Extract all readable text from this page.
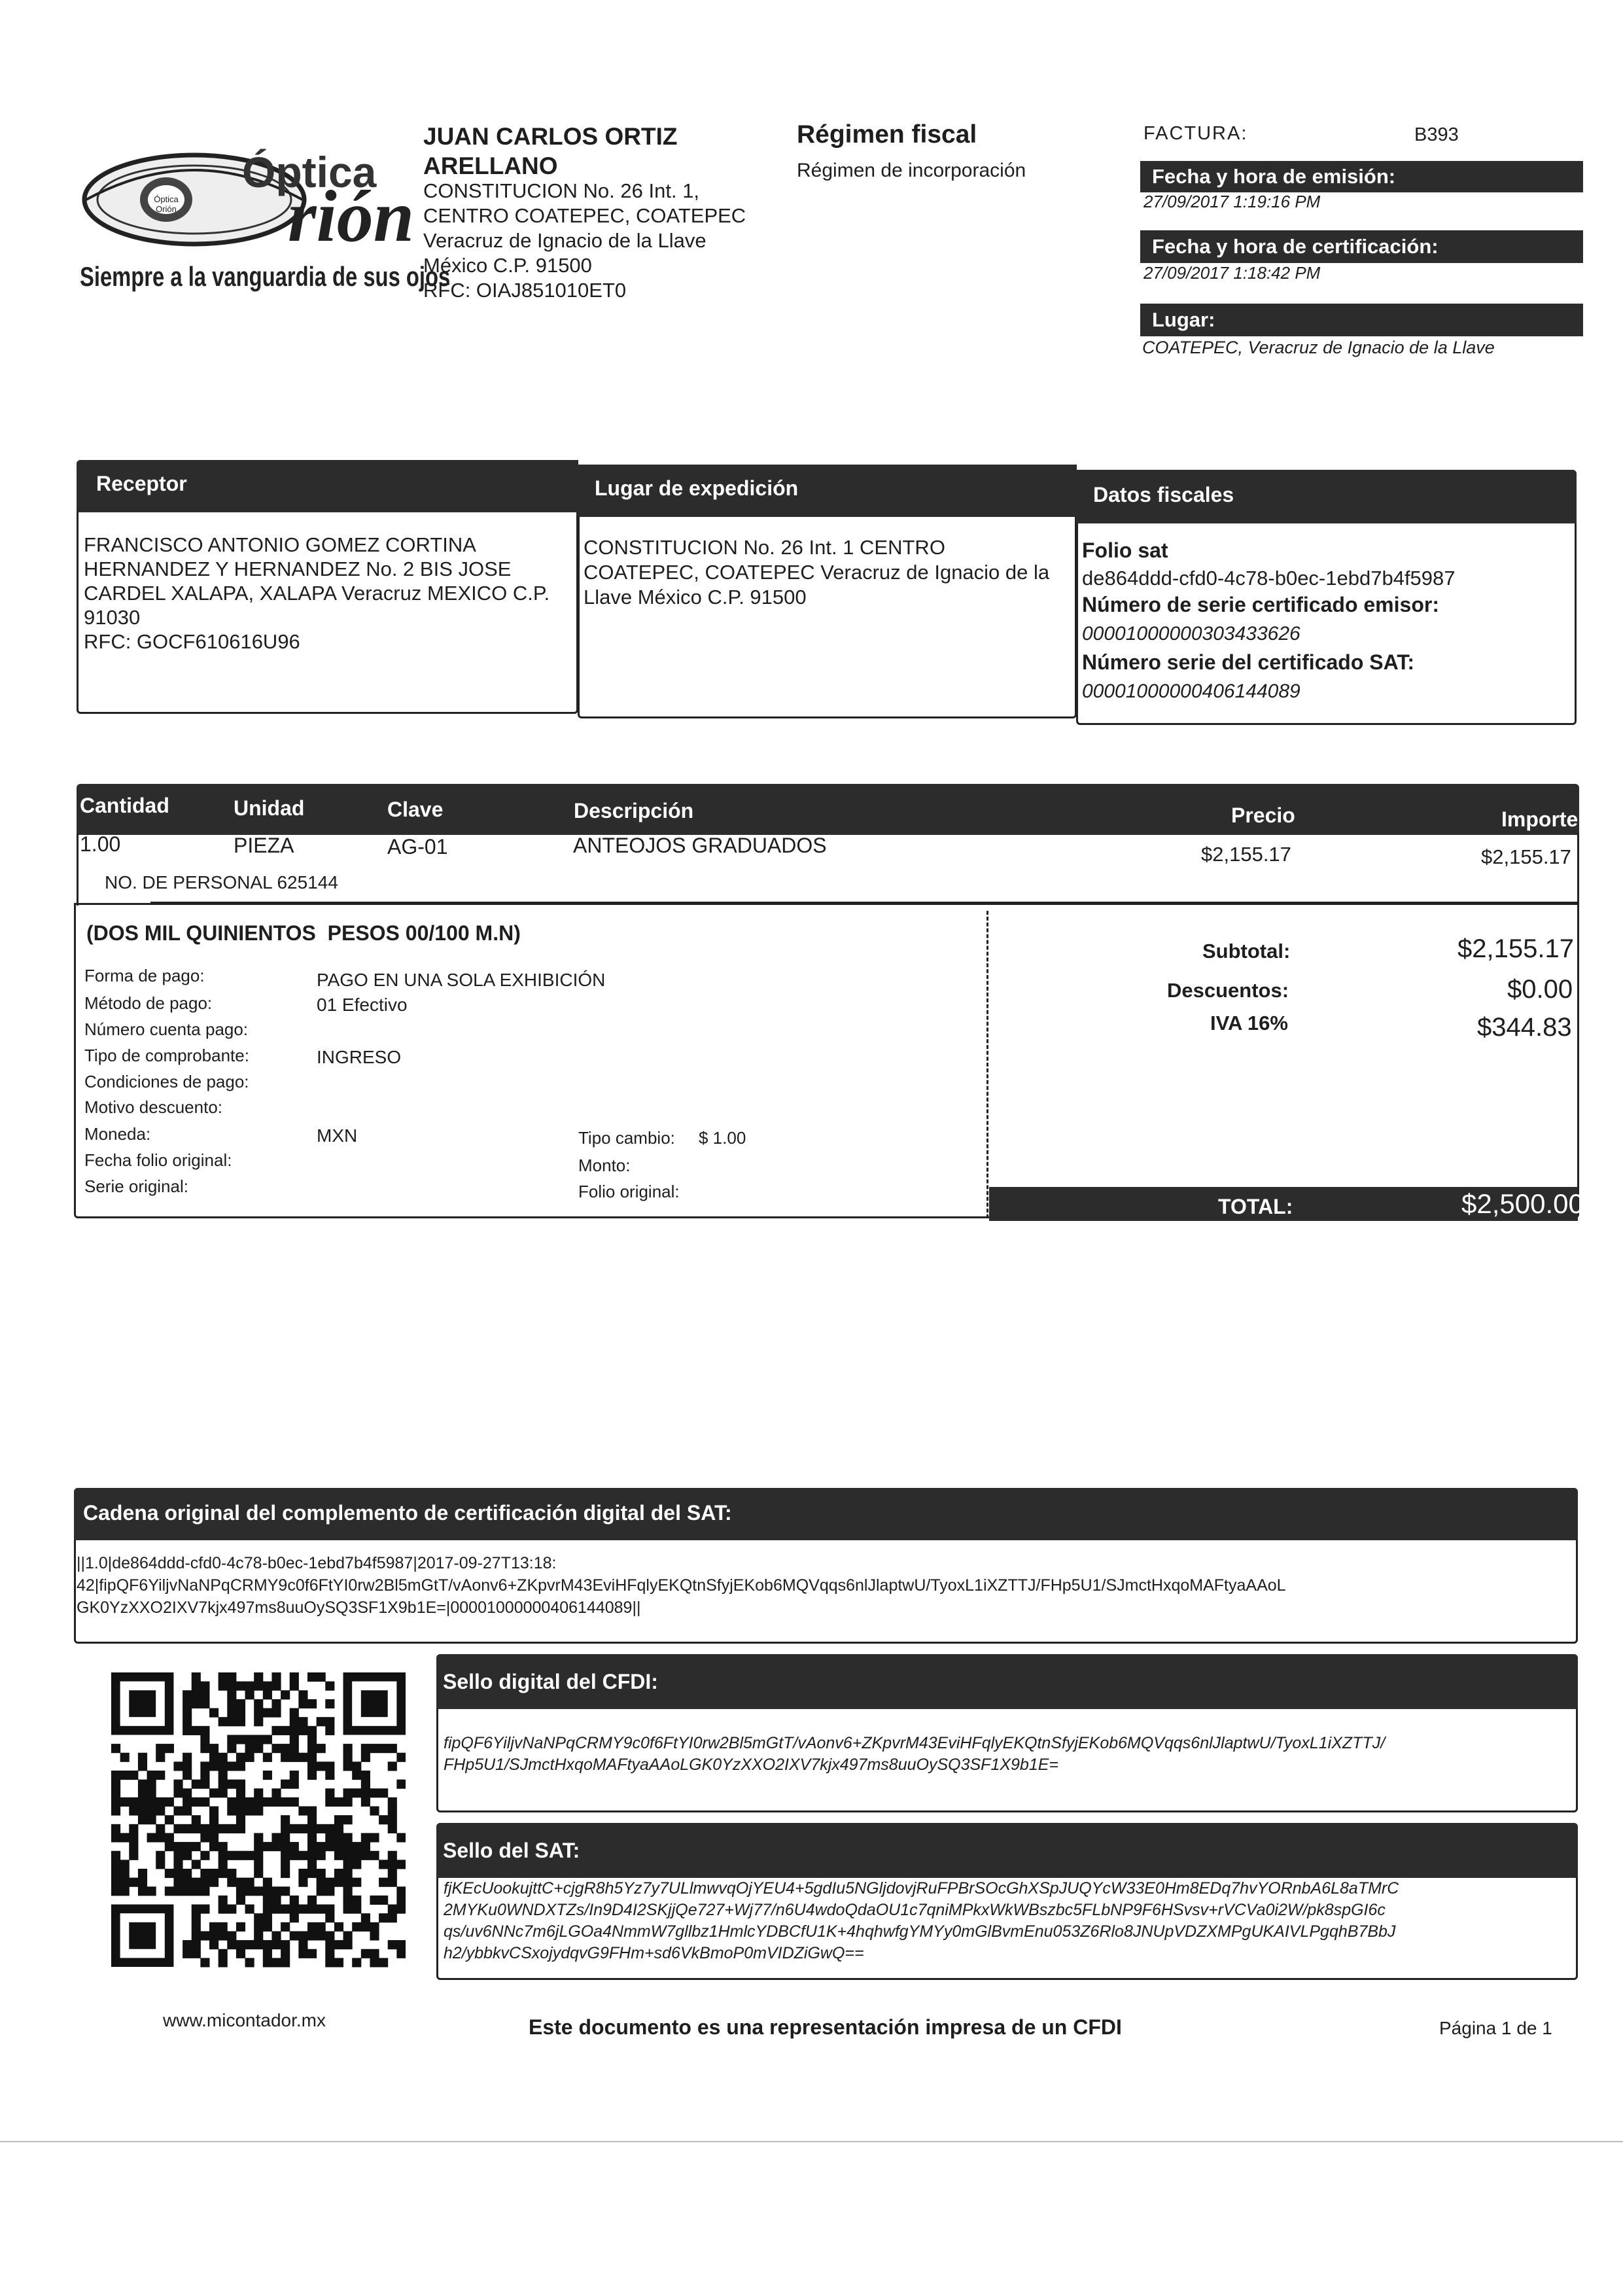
Óptica
rión
Óptica Orión
Siempre a la vanguardia de sus ojos
JUAN CARLOS ORTIZ
ARELLANO
CONSTITUCION No. 26 Int. 1,
CENTRO COATEPEC, COATEPEC
Veracruz de Ignacio de la Llave
México C.P. 91500
RFC: OIAJ851010ET0
Régimen fiscal
Régimen de incorporación
FACTURA:	B393
Fecha y hora de emisión:
27/09/2017 1:19:16 PM
Fecha y hora de certificación:
27/09/2017 1:18:42 PM
Lugar:
COATEPEC, Veracruz de Ignacio de la Llave
Receptor
FRANCISCO ANTONIO GOMEZ CORTINA
HERNANDEZ Y HERNANDEZ No. 2 BIS JOSE
CARDEL XALAPA, XALAPA Veracruz MEXICO C.P.
91030
RFC: GOCF610616U96
Lugar de expedición
CONSTITUCION No. 26 Int. 1 CENTRO
COATEPEC, COATEPEC Veracruz de Ignacio de la
Llave México C.P. 91500
Datos fiscales
Folio sat
de864ddd-cfd0-4c78-b0ec-1ebd7b4f5987
Número de serie certificado emisor:
00001000000303433626
Número serie del certificado SAT:
00001000000406144089
Cantidad	Unidad	Clave	Descripción	Precio	Importe
1.00	PIEZA	AG-01	ANTEOJOS GRADUADOS	$2,155.17	$2,155.17
NO. DE PERSONAL 625144
(DOS MIL QUINIENTOS  PESOS 00/100 M.N)
Forma de pago:	PAGO EN UNA SOLA EXHIBICIÓN
Método de pago:	01 Efectivo
Número cuenta pago:
Tipo de comprobante:	INGRESO
Condiciones de pago:
Motivo descuento:
Moneda:	MXN
Fecha folio original:
Serie original:
Tipo cambio: $ 1.00
Monto:
Folio original:
Subtotal:	$2,155.17
Descuentos:	$0.00
IVA 16%	$344.83
TOTAL:	$2,500.00
Cadena original del complemento de certificación digital del SAT:
||1.0|de864ddd-cfd0-4c78-b0ec-1ebd7b4f5987|2017-09-27T13:18:
42|fipQF6YiljvNaNPqCRMY9c0f6FtYI0rw2Bl5mGtT/vAonv6+ZKpvrM43EviHFqlyEKQtnSfyjEKob6MQVqqs6nlJlaptwU/TyoxL1iXZTTJ/FHp5U1/SJmctHxqoMAFtyaAAoL
GK0YzXXO2IXV7kjx497ms8uuOySQ3SF1X9b1E=|00001000000406144089||
Sello digital del CFDI:
fipQF6YiljvNaNPqCRMY9c0f6FtYI0rw2Bl5mGtT/vAonv6+ZKpvrM43EviHFqlyEKQtnSfyjEKob6MQVqqs6nlJlaptwU/TyoxL1iXZTTJ/
FHp5U1/SJmctHxqoMAFtyaAAoLGK0YzXXO2IXV7kjx497ms8uuOySQ3SF1X9b1E=
Sello del SAT:
fjKEcUookujttC+cjgR8h5Yz7y7ULlmwvqOjYEU4+5gdIu5NGljdovjRuFPBrSOcGhXSpJUQYcW33E0Hm8EDq7hvYORnbA6L8aTMrC
2MYKu0WNDXTZs/In9D4I2SKjjQe727+Wj77/n6U4wdoQdaOU1c7qniMPkxWkWBszbc5FLbNP9F6HSvsv+rVCVa0i2W/pk8spGI6c
qs/uv6NNc7m6jLGOa4NmmW7gllbz1HmlcYDBCfU1K+4hqhwfgYMYy0mGlBvmEnu053Z6Rlo8JNUpVDZXMPgUKAIVLPgqhB7BbJ
h2/ybbkvCSxojydqvG9FHm+sd6VkBmoP0mVIDZiGwQ==
www.micontador.mx	Este documento es una representación impresa de un CFDI	Página 1 de 1
